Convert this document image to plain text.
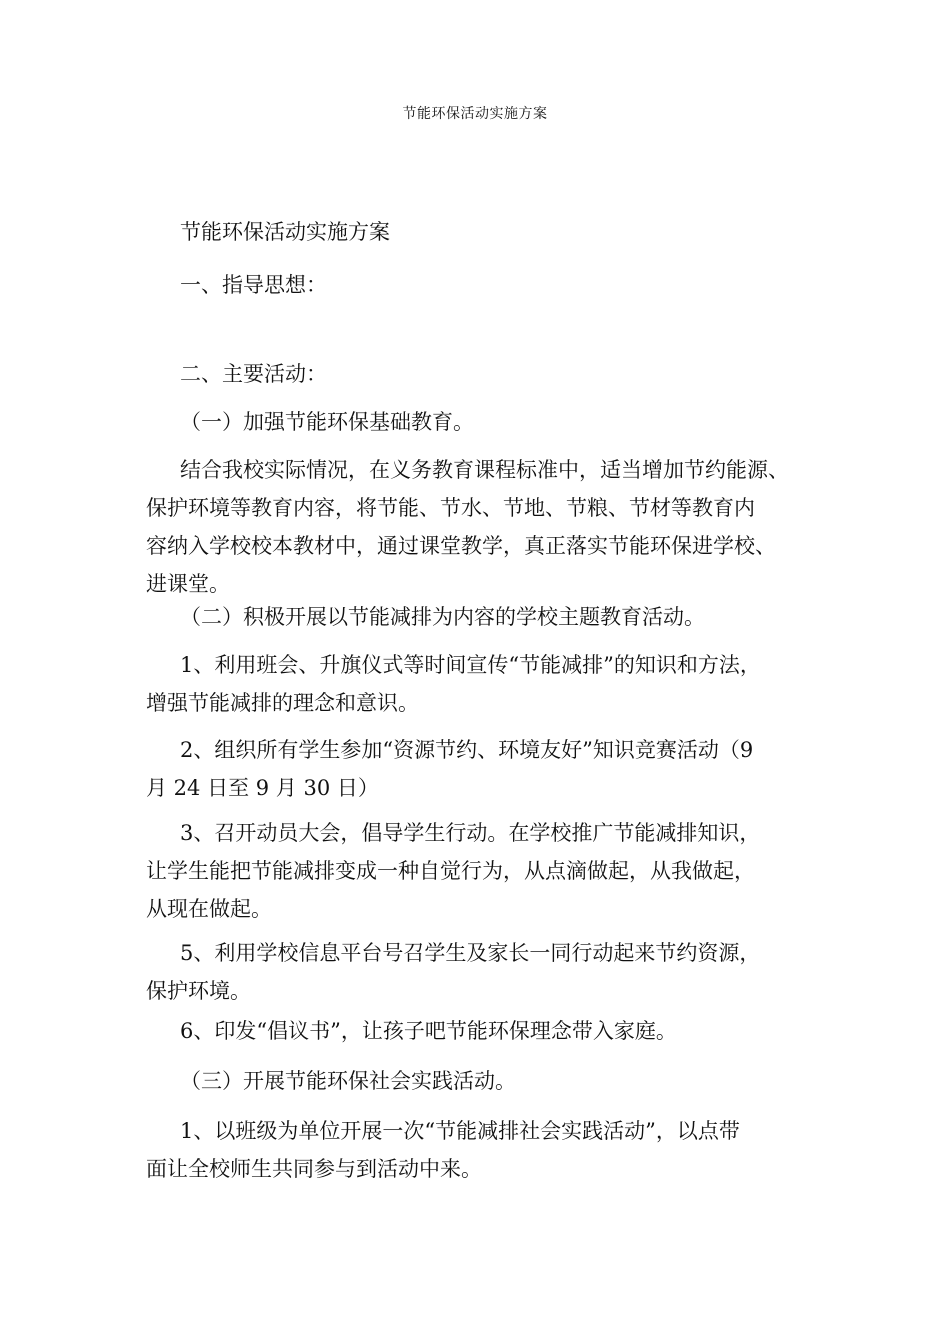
节能环保活动实施方案
节能环保活动实施方案
一、指导思想：
二、主要活动：
（一）加强节能环保基础教育。
结合我校实际情况，在义务教育课程标准中，适当增加节约能源、
保护环境等教育内容，将节能、节水、节地、节粮、节材等教育内
容纳入学校校本教材中，通过课堂教学，真正落实节能环保进学校、
进课堂。
（二）积极开展以节能减排为内容的学校主题教育活动。
1、利用班会、升旗仪式等时间宣传“节能减排”的知识和方法，
增强节能减排的理念和意识。
2、组织所有学生参加“资源节约、环境友好”知识竞赛活动（9
月 24 日至 9 月 30 日）
3、召开动员大会，倡导学生行动。在学校推广节能减排知识，
让学生能把节能减排变成一种自觉行为，从点滴做起，从我做起，
从现在做起。
5、利用学校信息平台号召学生及家长一同行动起来节约资源，
保护环境。
6、印发“倡议书”，让孩子吧节能环保理念带入家庭。
（三）开展节能环保社会实践活动。
1、以班级为单位开展一次“节能减排社会实践活动”，以点带
面让全校师生共同参与到活动中来。
